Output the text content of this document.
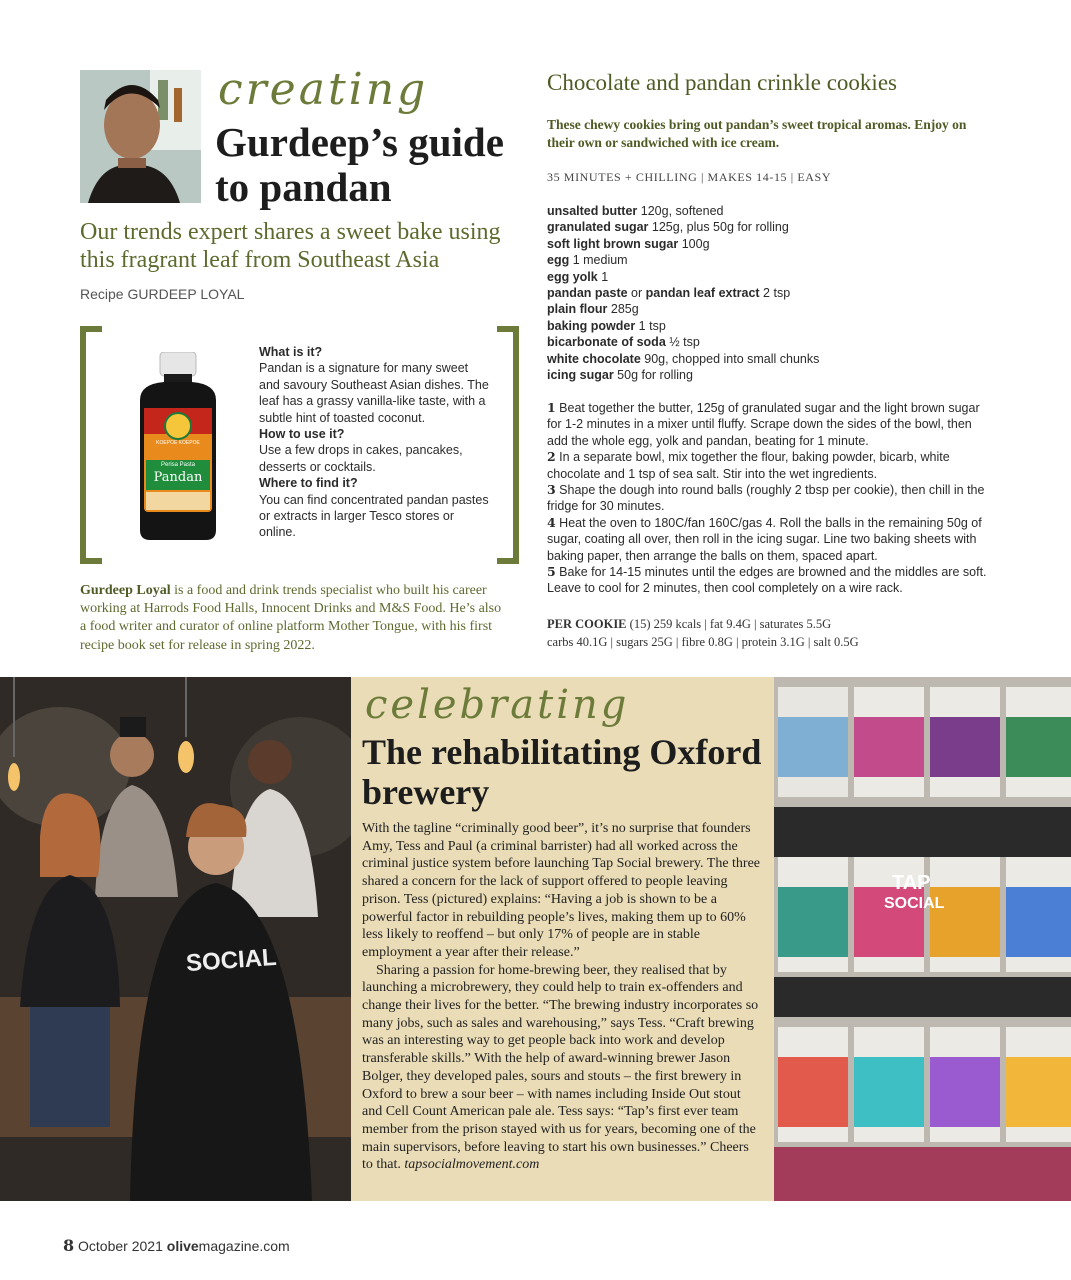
creating
Gurdeep’s guide to pandan
Our trends expert shares a sweet bake using this fragrant leaf from Southeast Asia
Recipe GURDEEP LOYAL
KOEPOE KOEPOE
Perisa Pasta
Pandan
What is it?
Pandan is a signature for many sweet and savoury Southeast Asian dishes. The leaf has a grassy vanilla-like taste, with a subtle hint of toasted coconut.
How to use it?
Use a few drops in cakes, pancakes, desserts or cocktails.
Where to find it?
You can find concentrated pandan pastes or extracts in larger Tesco stores or online.
Gurdeep Loyal is a food and drink trends specialist who built his career working at Harrods Food Halls, Innocent Drinks and M&S Food. He’s also a food writer and curator of online platform Mother Tongue, with his first recipe book set for release in spring 2022.
Chocolate and pandan crinkle cookies
These chewy cookies bring out pandan’s sweet tropical aromas. Enjoy on their own or sandwiched with ice cream.
35 MINUTES + CHILLING | MAKES 14-15 | EASY
unsalted butter 120g, softened
granulated sugar 125g, plus 50g for rolling
soft light brown sugar 100g
egg 1 medium
egg yolk 1
pandan paste or pandan leaf extract 2 tsp
plain flour 285g
baking powder 1 tsp
bicarbonate of soda ½ tsp
white chocolate 90g, chopped into small chunks
icing sugar 50g for rolling
1 Beat together the butter, 125g of granulated sugar and the light brown sugar for 1-2 minutes in a mixer until fluffy. Scrape down the sides of the bowl, then add the whole egg, yolk and pandan, beating for 1 minute.
2 In a separate bowl, mix together the flour, baking powder, bicarb, white chocolate and 1 tsp of sea salt. Stir into the wet ingredients.
3 Shape the dough into round balls (roughly 2 tbsp per cookie), then chill in the fridge for 30 minutes.
4 Heat the oven to 180C/fan 160C/gas 4. Roll the balls in the remaining 50g of sugar, coating all over, then roll in the icing sugar. Line two baking sheets with baking paper, then arrange the balls on them, spaced apart.
5 Bake for 14-15 minutes until the edges are browned and the middles are soft. Leave to cool for 2 minutes, then cool completely on a wire rack.
PER COOKIE (15) 259 kcals | fat 9.4G | saturates 5.5G
carbs 40.1G | sugars 25G | fibre 0.8G | protein 3.1G | salt 0.5G
SOCIAL
celebrating
The rehabilitating Oxford brewery

With the tagline “criminally good beer”, it’s no surprise that founders Amy, Tess and Paul (a criminal barrister) had all worked across the criminal justice system before launching Tap Social brewery. The three shared a concern for the lack of support offered to people leaving prison. Tess (pictured) explains: “Having a job is shown to be a powerful factor in rebuilding people’s lives, making them up to 60% less likely to reoffend – but only 17% of people are in stable employment a year after their release.”

Sharing a passion for home-brewing beer, they realised that by launching a microbrewery, they could help to train ex-offenders and change their lives for the better. “The brewing industry incorporates so many jobs, such as sales and warehousing,” says Tess. “Craft brewing was an interesting way to get people back into work and develop transferable skills.” With the help of award-winning brewer Jason Bolger, they developed pales, sours and stouts – the first brewery in Oxford to brew a sour beer – with names including Inside Out stout and Cell Count American pale ale. Tess says: “Tap’s first ever team member from the prison stayed with us for years, becoming one of the main supervisors, before leaving to start his own businesses.” Cheers to that. tapsocialmovement.com

TAP
SOCIAL
8 October 2021 olivemagazine.com
